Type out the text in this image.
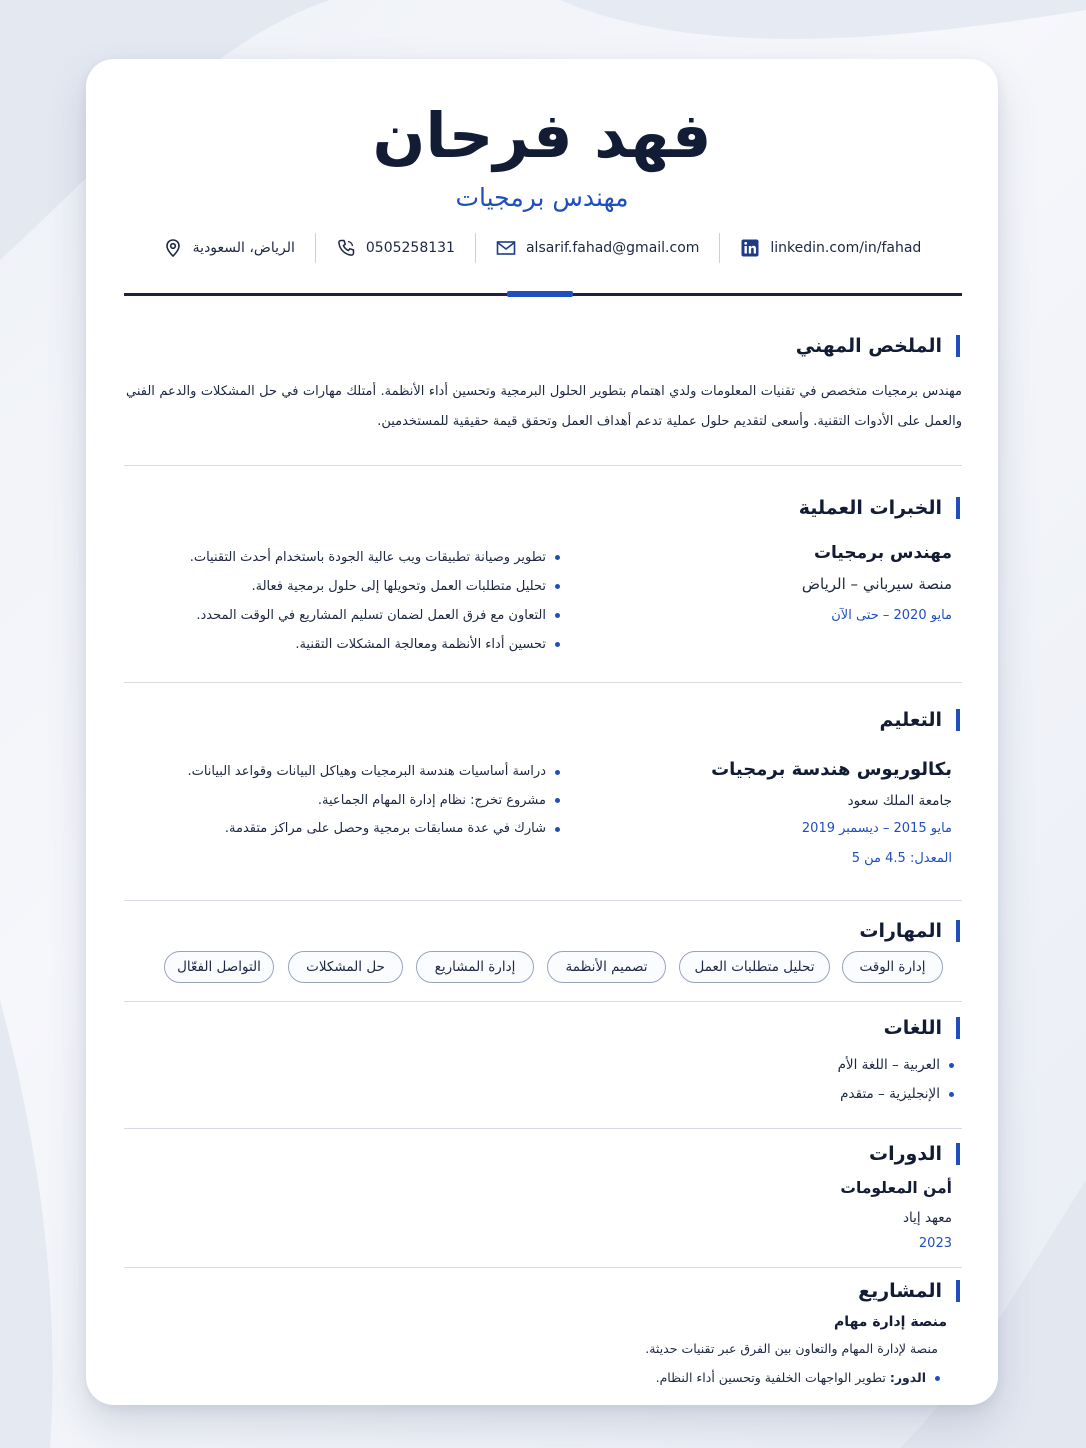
فهد فرحان
مهندس برمجيات
الرياض، السعودية	0505258131	alsarif.fahad@gmail.com	linkedin.com/in/fahad
الملخص المهني
مهندس برمجيات متخصص في تقنيات المعلومات ولدي اهتمام بتطوير الحلول البرمجية وتحسين أداء الأنظمة. أمتلك مهارات في حل المشكلات والدعم الفني والعمل على الأدوات التقنية. وأسعى لتقديم حلول عملية تدعم أهداف العمل وتحقق قيمة حقيقية للمستخدمين.
الخبرات العملية
مهندس برمجيات
منصة سيرباني – الرياض
مايو 2020 – حتى الآن
تطوير وصيانة تطبيقات ويب عالية الجودة باستخدام أحدث التقنيات.
تحليل متطلبات العمل وتحويلها إلى حلول برمجية فعالة.
التعاون مع فرق العمل لضمان تسليم المشاريع في الوقت المحدد.
تحسين أداء الأنظمة ومعالجة المشكلات التقنية.
التعليم
بكالوريوس هندسة برمجيات
جامعة الملك سعود
مايو 2015 – ديسمبر 2019
المعدل: 4.5 من 5
دراسة أساسيات هندسة البرمجيات وهياكل البيانات وقواعد البيانات.
مشروع تخرج: نظام إدارة المهام الجماعية.
شارك في عدة مسابقات برمجية وحصل على مراكز متقدمة.
المهارات
إدارة الوقت
تحليل متطلبات العمل
تصميم الأنظمة
إدارة المشاريع
حل المشكلات
التواصل الفعّال
اللغات
العربية – اللغة الأم
الإنجليزية – متقدم
الدورات
أمن المعلومات
معهد إياد
2023
المشاريع
منصة إدارة مهام
منصة لإدارة المهام والتعاون بين الفرق عبر تقنيات حديثة.
الدور: تطوير الواجهات الخلفية وتحسين أداء النظام.
